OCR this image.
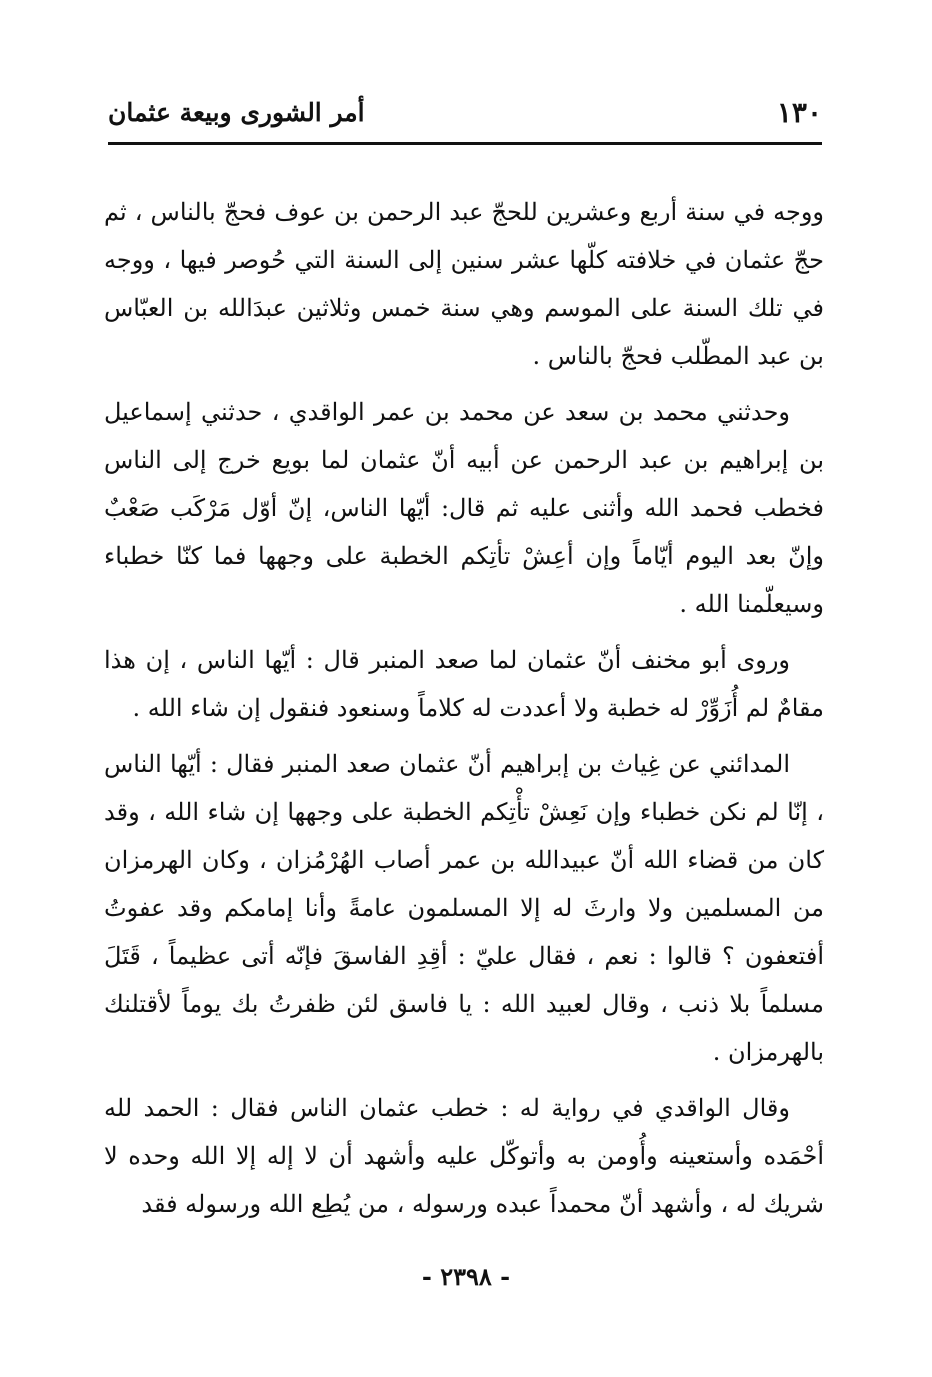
١٣٠
أمر الشورى وبيعة عثمان

ووجه في سنة أربع وعشرين للحجّ عبد الرحمن بن عوف فحجّ بالناس ، ثم حجّ عثمان في خلافته كلّها عشر سنين إلى السنة التي حُوصر فيها ، ووجه في تلك السنة على الموسم وهي سنة خمس وثلاثين عبدَالله بن العبّاس بن عبد المطّلب فحجّ بالناس .

وحدثني محمد بن سعد عن محمد بن عمر الواقدي ، حدثني إسماعيل بن إبراهيم بن عبد الرحمن عن أبيه أنّ عثمان لما بويع خرج إلى الناس فخطب فحمد الله وأثنى عليه ثم قال: أيّها الناس، إنّ أوّل مَرْكَب صَعْبٌ وإنّ بعد اليوم أيّاماً وإن أعِشْ تأتِكم الخطبة على وجهها فما كنّا خطباء وسيعلّمنا الله .

وروى أبو مخنف أنّ عثمان لما صعد المنبر قال : أيّها الناس ، إن هذا مقامٌ لم أُزَوِّرْ له خطبة ولا أعددت له كلاماً وسنعود فنقول إن شاء الله .

المدائني عن غِياث بن إبراهيم أنّ عثمان صعد المنبر فقال : أيّها الناس ، إنّا لم نكن خطباء وإن نَعِشْ تأْتِكم الخطبة على وجهها إن شاء الله ، وقد كان من قضاء الله أنّ عبيدالله بن عمر أصاب الهُرْمُزان ، وكان الهرمزان من المسلمين ولا وارثَ له إلا المسلمون عامةً وأنا إمامكم وقد عفوتُ أفتعفون ؟ قالوا : نعم ، فقال عليّ : أقِدِ الفاسقَ فإنّه أتى عظيماً ، قَتَلَ مسلماً بلا ذنب ، وقال لعبيد الله : يا فاسق لئن ظفرتُ بك يوماً لأقتلنك بالهرمزان .

وقال الواقدي في رواية له : خطب عثمان الناس فقال : الحمد لله أحْمَده وأستعينه وأُومن به وأتوكّل عليه وأشهد أن لا إله إلا الله وحده لا شريك له ، وأشهد أنّ محمداً عبده ورسوله ، من يُطِع الله ورسوله فقد

- ٢٣٩٨ -
